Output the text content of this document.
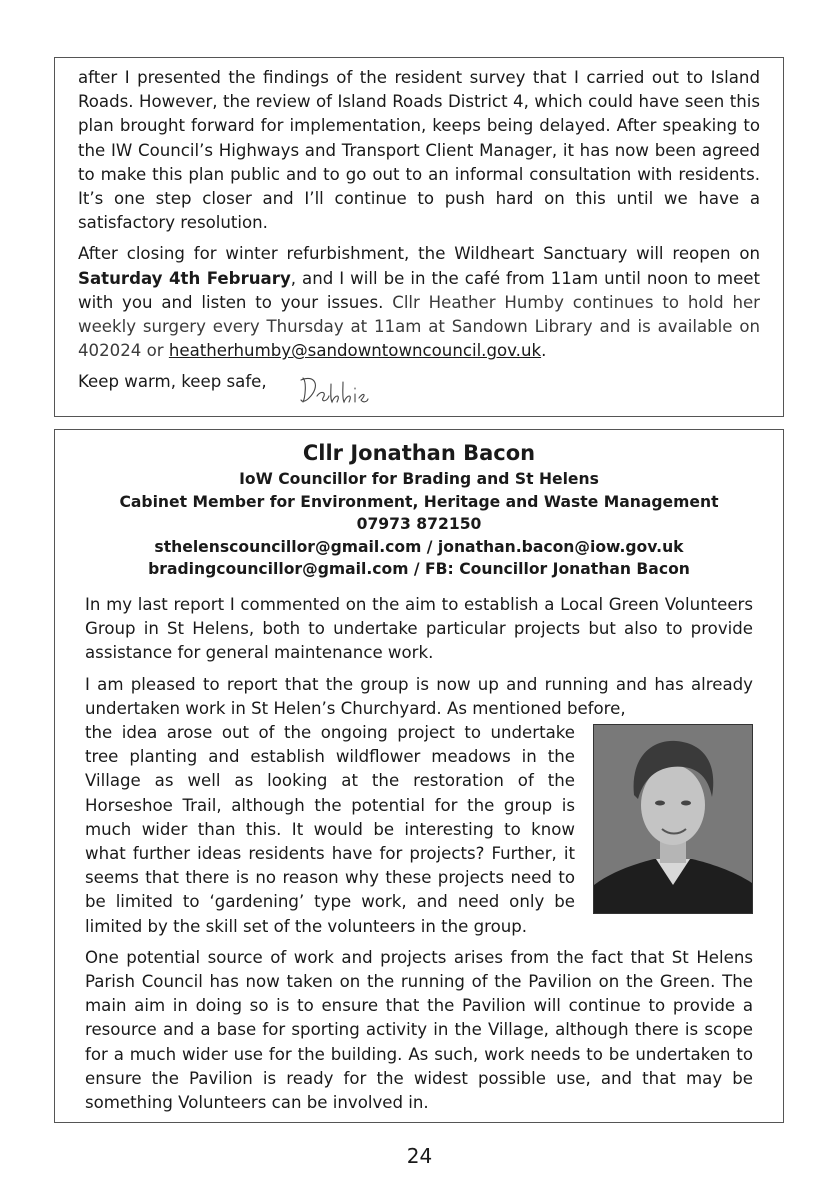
after I presented the findings of the resident survey that I carried out to Island Roads. However, the review of Island Roads District 4, which could have seen this plan brought forward for implementation, keeps being delayed. After speaking to the IW Council’s Highways and Transport Client Manager, it has now been agreed to make this plan public and to go out to an informal consultation with residents. It’s one step closer and I’ll continue to push hard on this until we have a satisfactory resolution.

After closing for winter refurbishment, the Wildheart Sanctuary will reopen on Saturday 4th February, and I will be in the café from 11am until noon to meet with you and listen to your issues. Cllr Heather Humby continues to hold her weekly surgery every Thursday at 11am at Sandown Library and is available on 402024 or heatherhumby@sandowntowncouncil.gov.uk.

Keep warm, keep safe,

Cllr Jonathan Bacon
IoW Councillor for Brading and St Helens
Cabinet Member for Environment, Heritage and Waste Management
07973 872150
sthelenscouncillor@gmail.com / jonathan.bacon@iow.gov.uk
bradingcouncillor@gmail.com / FB: Councillor Jonathan Bacon

In my last report I commented on the aim to establish a Local Green Volunteers Group in St Helens, both to undertake particular projects but also to provide assistance for general maintenance work.

I am pleased to report that the group is now up and running and has already undertaken work in St Helen’s Churchyard. As mentioned before,

the idea arose out of the ongoing project to undertake tree planting and establish wildflower meadows in the Village as well as looking at the restoration of the Horseshoe Trail, although the potential for the group is much wider than this. It would be interesting to know what further ideas residents have for projects? Further, it seems that there is no reason why these projects need to be limited to ‘gardening’ type work, and need only be limited by the skill set of the volunteers in the group.

One potential source of work and projects arises from the fact that St Helens Parish Council has now taken on the running of the Pavilion on the Green. The main aim in doing so is to ensure that the Pavilion will continue to provide a resource and a base for sporting activity in the Village, although there is scope for a much wider use for the building. As such, work needs to be undertaken to ensure the Pavilion is ready for the widest possible use, and that may be something Volunteers can be involved in.

24
